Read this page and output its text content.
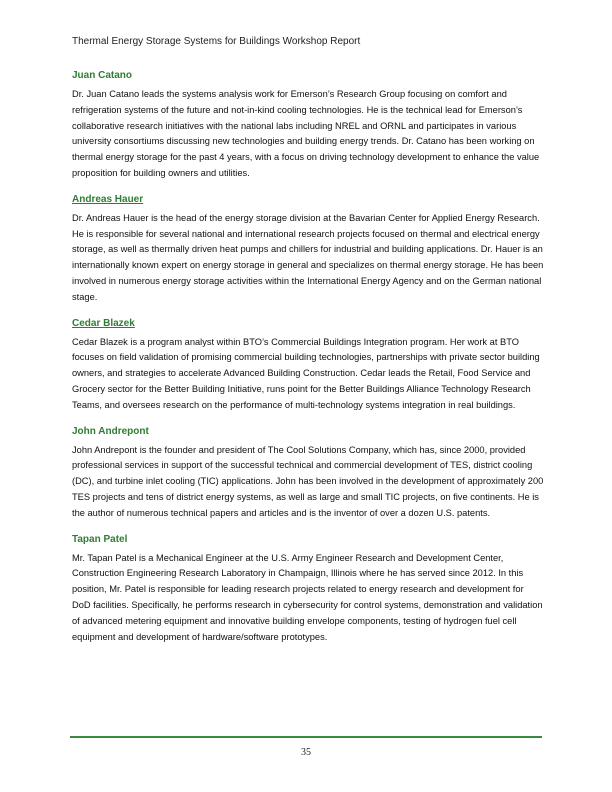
Thermal Energy Storage Systems for Buildings Workshop Report
Juan Catano

Dr. Juan Catano leads the systems analysis work for Emerson’s Research Group focusing on comfort and refrigeration systems of the future and not-in-kind cooling technologies. He is the technical lead for Emerson’s collaborative research initiatives with the national labs including NREL and ORNL and participates in various university consortiums discussing new technologies and building energy trends. Dr. Catano has been working on thermal energy storage for the past 4 years, with a focus on driving technology development to enhance the value proposition for building owners and utilities.

Andreas Hauer

Dr. Andreas Hauer is the head of the energy storage division at the Bavarian Center for Applied Energy Research. He is responsible for several national and international research projects focused on thermal and electrical energy storage, as well as thermally driven heat pumps and chillers for industrial and building applications. Dr. Hauer is an internationally known expert on energy storage in general and specializes on thermal energy storage. He has been involved in numerous energy storage activities within the International Energy Agency and on the German national stage.

Cedar Blazek

Cedar Blazek is a program analyst within BTO’s Commercial Buildings Integration program. Her work at BTO focuses on field validation of promising commercial building technologies, partnerships with private sector building owners, and strategies to accelerate Advanced Building Construction. Cedar leads the Retail, Food Service and Grocery sector for the Better Building Initiative, runs point for the Better Buildings Alliance Technology Research Teams, and oversees research on the performance of multi-technology systems integration in real buildings.

John Andrepont

John Andrepont is the founder and president of The Cool Solutions Company, which has, since 2000, provided professional services in support of the successful technical and commercial development of TES, district cooling (DC), and turbine inlet cooling (TIC) applications. John has been involved in the development of approximately 200 TES projects and tens of district energy systems, as well as large and small TIC projects, on five continents. He is the author of numerous technical papers and articles and is the inventor of over a dozen U.S. patents.

Tapan Patel

Mr. Tapan Patel is a Mechanical Engineer at the U.S. Army Engineer Research and Development Center, Construction Engineering Research Laboratory in Champaign, Illinois where he has served since 2012. In this position, Mr. Patel is responsible for leading research projects related to energy research and development for DoD facilities. Specifically, he performs research in cybersecurity for control systems, demonstration and validation of advanced metering equipment and innovative building envelope components, testing of hydrogen fuel cell equipment and development of hardware/software prototypes.

35
